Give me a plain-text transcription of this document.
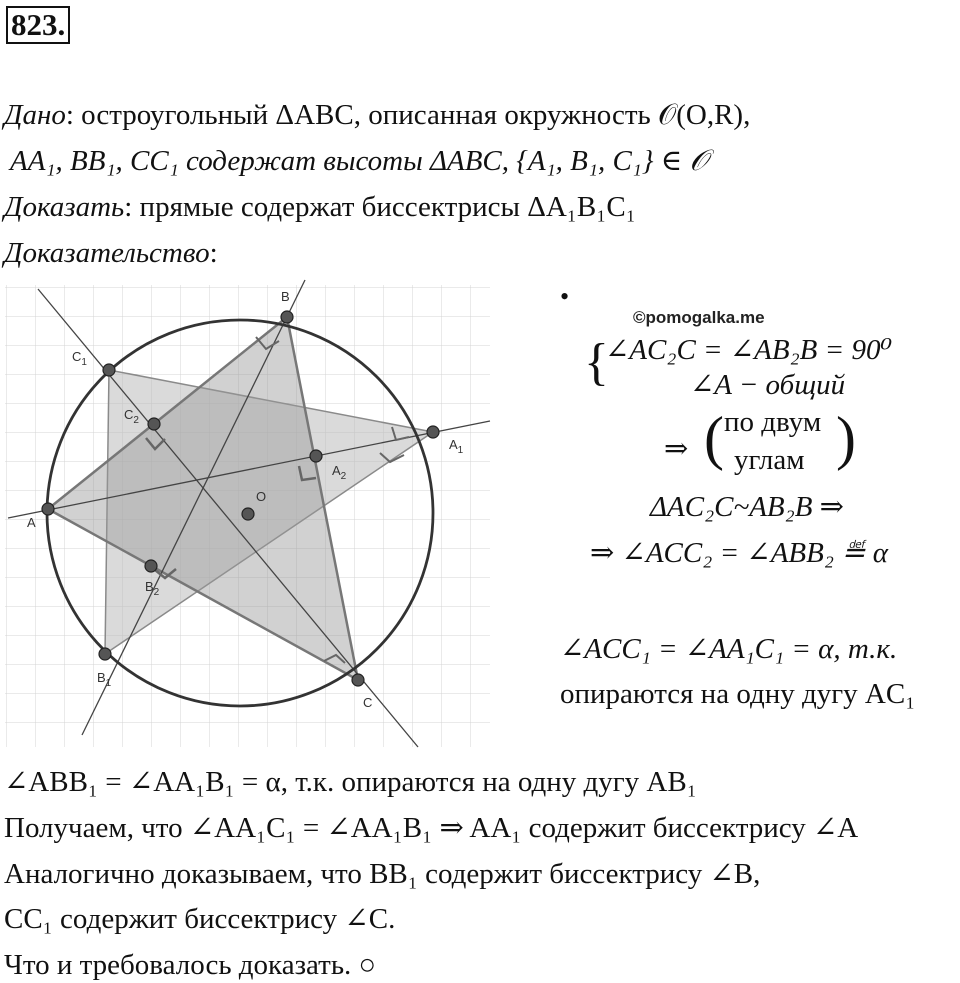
823.
Дано: остроугольный ΔABC, описанная окружность 𝒪(O,R),
AA₁, BB₁, CC₁ содержат высоты ΔABC, {A₁, B₁, C₁} ∈ 𝒪
Доказать: прямые содержат биссектрисы ΔA₁B₁C₁
Доказательство:
A
B
C
O
$A_1$
$B_1$
$C_1$
$A_2$
$B_2$
$C_2$
•
©pomogalka.me
{
∠AC₂C = ∠AB₂B = 90⁰
∠A − общий
⇒ ( по двум
углам )
ΔAC₂C~AB₂B ⇒
⇒ ∠ACC₂ = ∠ABB₂ ≝ α
∠ACC₁ = ∠AA₁C₁ = α, т.к.
опираются на одну дугу AC₁
∠ABB₁ = ∠AA₁B₁ = α, т.к. опираются на одну дугу AB₁
Получаем, что ∠AA₁C₁ = ∠AA₁B₁ ⇒ AA₁ содержит биссектрису ∠A
Аналогично доказываем, что BB₁ содержит биссектрису ∠B,
CC₁ содержит биссектрису ∠C.
Что и требовалось доказать. ○
